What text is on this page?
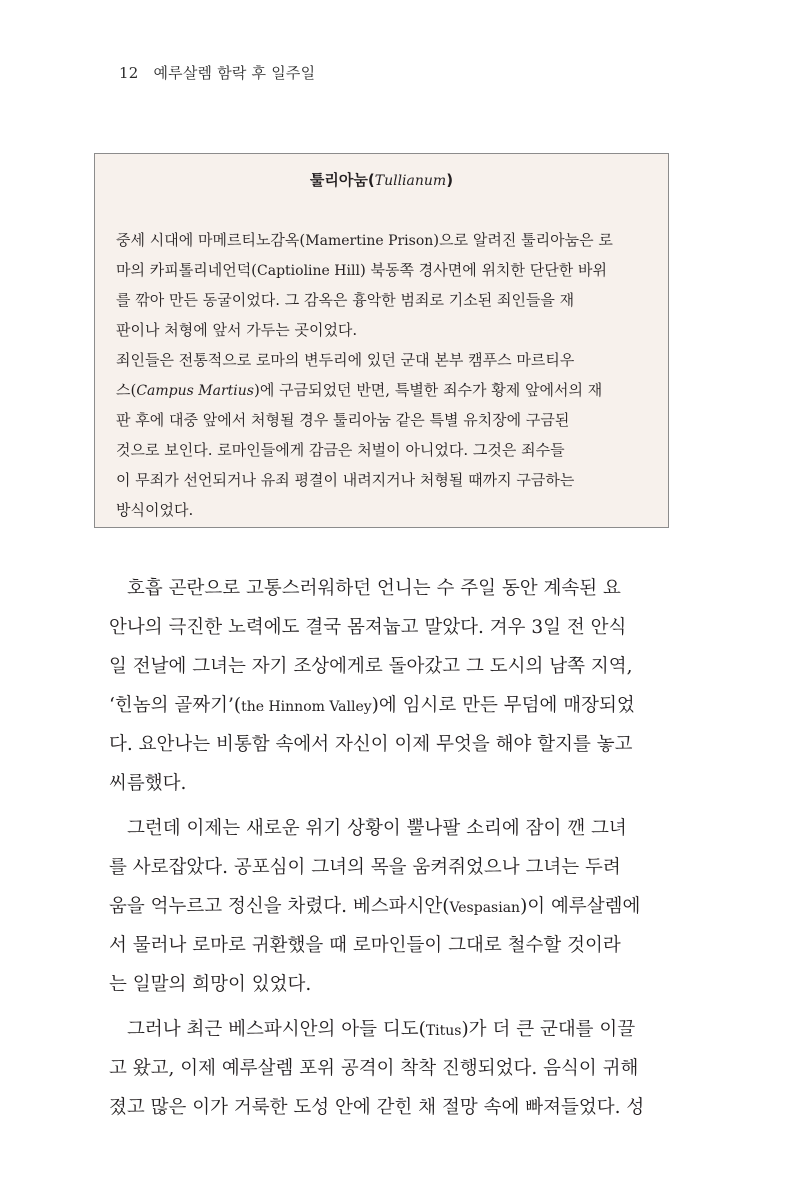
12 예루살렘 함락 후 일주일
툴리아눔(Tullianum)
중세 시대에 마메르티노감옥(Mamertine Prison)으로 알려진 툴리아눔은 로
마의 카피톨리네언덕(Captioline Hill) 북동쪽 경사면에 위치한 단단한 바위
를 깎아 만든 동굴이었다. 그 감옥은 흉악한 범죄로 기소된 죄인들을 재
판이나 처형에 앞서 가두는 곳이었다.
죄인들은 전통적으로 로마의 변두리에 있던 군대 본부 캠푸스 마르티우
스(Campus Martius)에 구금되었던 반면, 특별한 죄수가 황제 앞에서의 재
판 후에 대중 앞에서 처형될 경우 툴리아눔 같은 특별 유치장에 구금된
것으로 보인다. 로마인들에게 감금은 처벌이 아니었다. 그것은 죄수들
이 무죄가 선언되거나 유죄 평결이 내려지거나 처형될 때까지 구금하는
방식이었다.
호흡 곤란으로 고통스러워하던 언니는 수 주일 동안 계속된 요
안나의 극진한 노력에도 결국 몸져눕고 말았다. 겨우 3일 전 안식
일 전날에 그녀는 자기 조상에게로 돌아갔고 그 도시의 남쪽 지역,
‘힌놈의 골짜기’(the Hinnom Valley)에 임시로 만든 무덤에 매장되었
다. 요안나는 비통함 속에서 자신이 이제 무엇을 해야 할지를 놓고
씨름했다.
그런데 이제는 새로운 위기 상황이 뿔나팔 소리에 잠이 깬 그녀
를 사로잡았다. 공포심이 그녀의 목을 움켜쥐었으나 그녀는 두려
움을 억누르고 정신을 차렸다. 베스파시안(Vespasian)이 예루살렘에
서 물러나 로마로 귀환했을 때 로마인들이 그대로 철수할 것이라
는 일말의 희망이 있었다.
그러나 최근 베스파시안의 아들 디도(Titus)가 더 큰 군대를 이끌
고 왔고, 이제 예루살렘 포위 공격이 착착 진행되었다. 음식이 귀해
졌고 많은 이가 거룩한 도성 안에 갇힌 채 절망 속에 빠져들었다. 성
